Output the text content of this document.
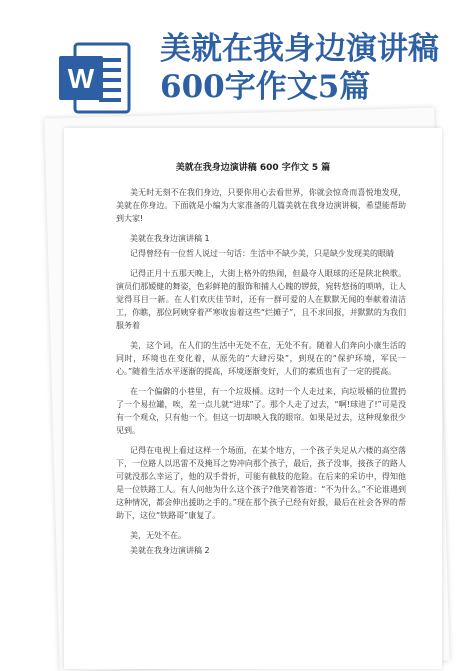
W
美就在我身边演讲稿600字作文5篇
美就在我身边演讲稿 600 字作文 5 篇

美无时无刻不在我们身边，只要你用心去看世界，你就会惊奇而喜悦地发现，美就在你身边。下面就是小编为大家准备的几篇美就在我身边演讲稿，希望能帮助到大家!

美就在我身边演讲稿 1

记得曾经有一位哲人说过一句话：生活中不缺少美，只是缺少发现美的眼睛

记得正月十五那天晚上，大街上格外的热闹，但最夺人眼球的还是陕北秧歌。演员们那嫒健的舞姿，色彩鲜艳的服饰和捕人心魄的锣鼓，宛转悠扬的唢呐，让人觉得耳目一新。在人们欢庆佳节时，还有一群可爱的人在默默无闻的奉献着清洁工，你瞧，那位阿姨穿着严寒收齿着这些“烂摊子”，且不求回报，并默默的为我们服务着

美，这个词，在人们的生活中无处不在，无处不有。随着人们奔向小康生活的同时，环境也在变化着，从原先的“大肆污染”，到现在的“保护环境，军民一心。”随着生活水平逐渐的提高，环境逐渐变好，人们的素质也有了一定的提高。

在一个偏僻的小巷里，有一个垃圾桶。这时一个人走过来，向垃圾桶的位置扔了一个易拉罐，唉，差一点儿就“进球”了。那个人走了过去，“啊!球进了!”可是没有一个观众，只有他一个。但这一切却映入我的眼帘。如果是过去，这种现象很少见到。

记得在电视上看过这样一个场面，在某个地方，一个孩子失足从六楼的高空落下，一位路人以迅雷不及掩耳之势冲向那个孩子，最后，孩子没事，接孩子的路人可就没那么幸运了，他的双手骨折，可能有截肢的危险。在后来的采访中，得知他是一位铁路工人。有人问他为什么这个孩子?他笑着答道：“不为什么。”不论谁遇到这种情况，都会伸出援助之手的。”现在那个孩子已经有好报，最后在社会各界的帮助下，这位“铁路哥”康复了。

美，无处不在。

美就在我身边演讲稿 2
